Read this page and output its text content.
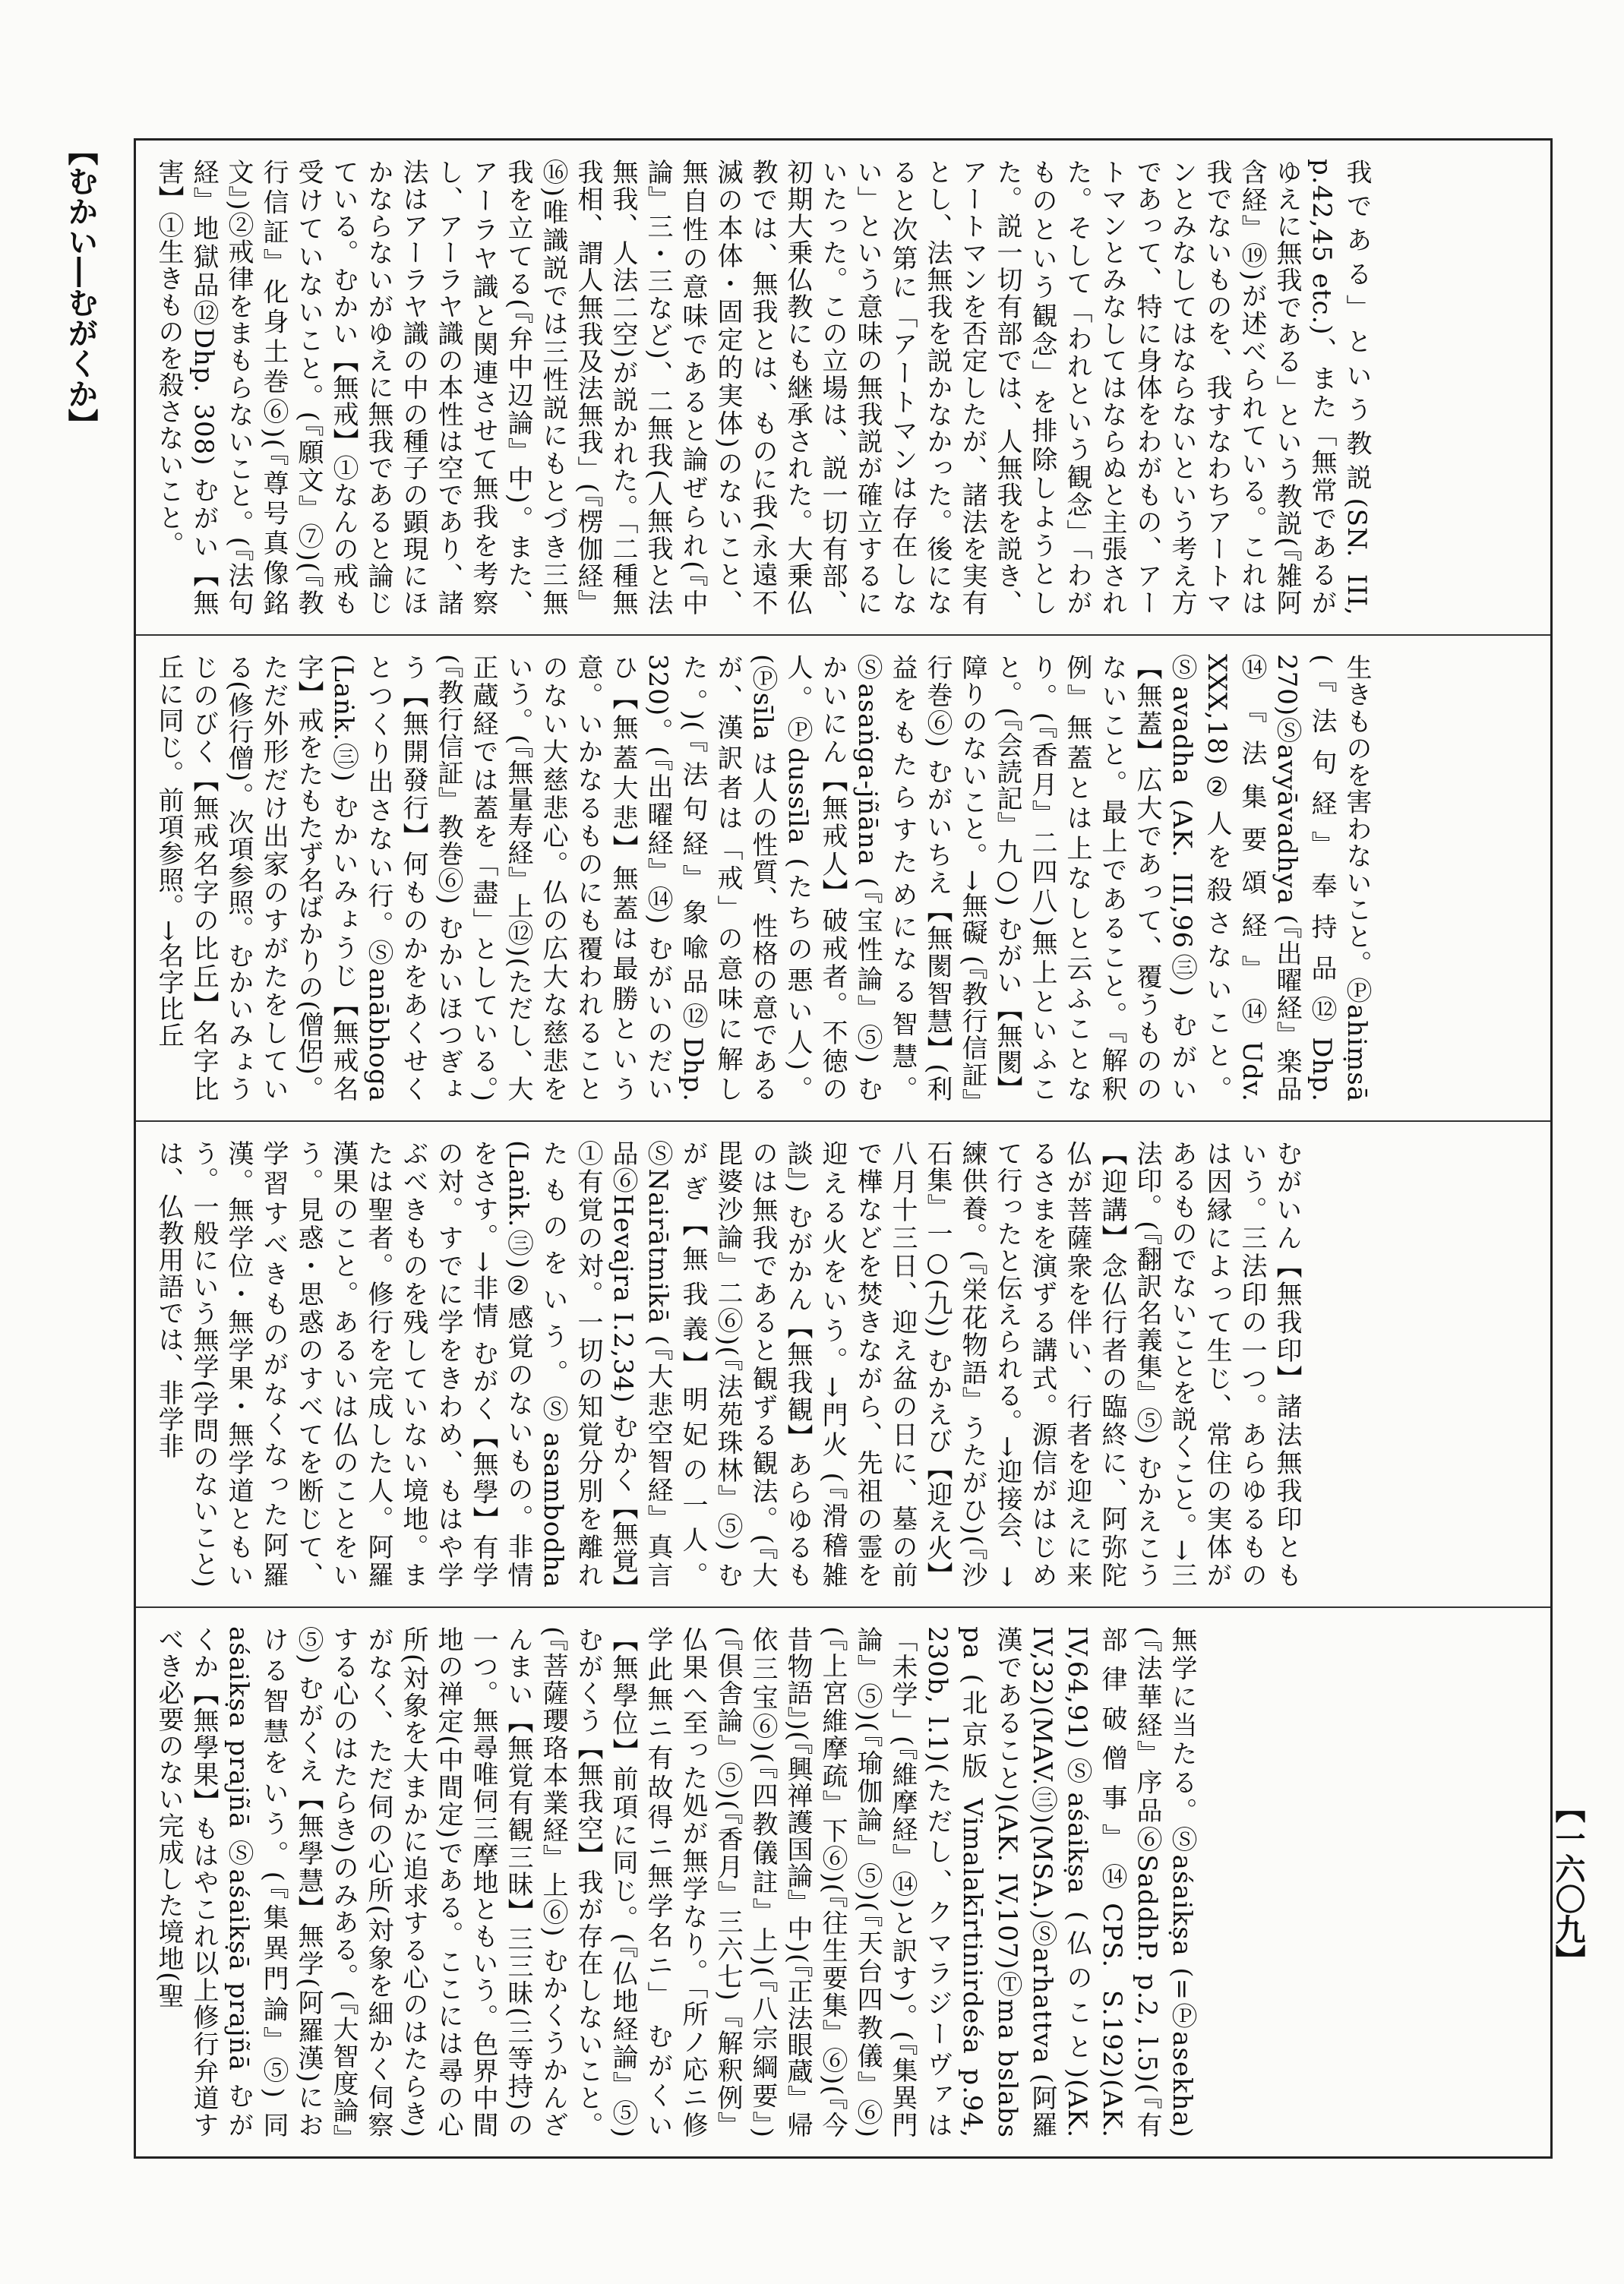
【むかい―むがくか】
【一六〇九】

我である」という教説(SN. III, p.42,45 etc.)、また「無常であるがゆえに無我である」という教説(『雑阿含経』⑲)が述べられている。これは我でないものを、我すなわちアートマンとみなしてはならないという考え方であって、特に身体をわがもの、アートマンとみなしてはならぬと主張された。そして「われという観念」「わがものという観念」を排除しようとした。説一切有部では、人無我を説き、アートマンを否定したが、諸法を実有とし、法無我を説かなかった。後になると次第に「アートマンは存在しない」という意味の無我説が確立するにいたった。この立場は、説一切有部、初期大乗仏教にも継承された。大乗仏教では、無我とは、ものに我(永遠不滅の本体・固定的実体)のないこと、無自性の意味であると論ぜられ(『中論』三・三など)、二無我(人無我と法無我、人法二空)が説かれた。「二種無我相、謂人無我及法無我」(『楞伽経』⑯)唯識説では三性説にもとづき三無我を立てる(『弁中辺論』中)。また、アーラヤ識と関連させて無我を考察し、アーラヤ識の本性は空であり、諸法はアーラヤ識の中の種子の顕現にほかならないがゆえに無我であると論じている。むかい【無戒】①なんの戒も受けていないこと。(『願文』⑦)(『教行信証』化身土巻⑥)(『尊号真像銘文』)②戒律をまもらないこと。(『法句経』地獄品⑫Dhp. 308) むがい【無害】①生きものを殺さないこと。

生きものを害わないこと。Ⓟahiṃsā (『法句経』奉持品⑫Dhp. 270)Ⓢavyāvadhya (『出曜経』楽品⑭『法集要頌経』⑭Udv. XXX,18)②人を殺さないこと。Ⓢavadha (AK. III,96㊂) むがい【無蓋】広大であって、覆うもののないこと。最上であること。『解釈例』無蓋とは上なしと云ふことなり。(『香月』二四八)無上といふこと。(『会読記』九○) むがい【無閡】障りのないこと。→無礙 (『教行信証』行巻⑥) むがいちえ【無閡智慧】(利益をもたらすためになる智慧。Ⓢasaṅga-jñāna (『宝性論』⑤) むかいにん【無戒人】破戒者。不徳の人。Ⓟdussīla (たちの悪い人)。(Ⓟsīla は人の性質、性格の意であるが、漢訳者は「戒」の意味に解した。)(『法句経』象喩品⑫Dhp. 320)。(『出曜経』⑭) むがいのだいひ【無蓋大悲】無蓋は最勝という意。いかなるものにも覆われることのない大慈悲心。仏の広大な慈悲をいう。(『無量寿経』上⑫)(ただし、大正蔵経では蓋を「盡」としている。)(『教行信証』教巻⑥) むかいほつぎょう【無開發行】何ものかをあくせくとつくり出さない行。Ⓢanābhoga (Laṅk.㊂) むかいみょうじ【無戒名字】戒をたもたず名ばかりの(僧侶)。ただ外形だけ出家のすがたをしている(修行僧)。次項参照。むかいみょうじのびく【無戒名字の比丘】名字比丘に同じ。前項参照。→名字比丘

むがいん【無我印】諸法無我印ともいう。三法印の一つ。あらゆるものは因縁によって生じ、常住の実体があるものでないことを説くこと。→三法印。(『翻訳名義集』⑤) むかえこう【迎講】念仏行者の臨終に、阿弥陀仏が菩薩衆を伴い、行者を迎えに来るさまを演ずる講式。源信がはじめて行ったと伝えられる。→迎接会、→練供養。(『栄花物語』うたがひ)(『沙石集』一○(九)) むかえび【迎え火】八月十三日、迎え盆の日に、墓の前で樺などを焚きながら、先祖の霊を迎える火をいう。→門火 (『滑稽雑談』) むがかん【無我観】あらゆるものは無我であると観ずる観法。(『大毘婆沙論』二⑥)(『法苑珠林』⑤) むがぎ【無我義】明妃の一人。ⓈNairātmikā (『大悲空智経』真言品⑥Hevajra I.2,34) むかく【無覚】①有覚の対。一切の知覚分別を離れたものをいう。Ⓢasambodha (Laṅk.㊂)②感覚のないもの。非情をさす。→非情 むがく【無學】有学の対。すでに学をきわめ、もはや学ぶべきものを残していない境地。または聖者。修行を完成した人。阿羅漢果のこと。あるいは仏のことをいう。見惑・思惑のすべてを断じて、学習すべきものがなくなった阿羅漢。無学位・無学果・無学道ともいう。一般にいう無学(学問のないこと)は、仏教用語では、非学非

無学に当たる。Ⓢaśaikṣa (=Ⓟasekha)(『法華経』序品⑥SaddhP. p.2, l.5)(『有部律破僧事』⑭CPS. S.192)(AK. IV,64,91)Ⓢaśaikṣa (仏のこと)(AK. IV,32)(MAV.㊂)(MSA.)Ⓢarhattva (阿羅漢であること)(AK. IV,107)Ⓣma bslabs pa (北京版 Vimalakīrtinirdeśa p.94, 230b, l.1)(ただし、クマラジーヴァは「未学」(『維摩経』⑭)と訳す)。(『集異門論』⑤)(『瑜伽論』⑤)(『天台四教儀』⑥)(『上宮維摩疏』下⑥)(『往生要集』⑥)(『今昔物語』)(『興禅護国論』中)(『正法眼蔵』帰依三宝⑥)(『四教儀註』上)(『八宗綱要』)(『倶舎論』⑤)(『香月』三六七)『解釈例』仏果へ至った処が無学なり。「所ノ応ニ修学此無ニ有故得ニ無学名ニ」 むがくい【無學位】前項に同じ。(『仏地経論』⑤) むがくう【無我空】我が存在しないこと。(『菩薩瓔珞本業経』上⑥) むかくうかんざんまい【無覚有観三昧】三三昧(三等持)の一つ。無尋唯伺三摩地ともいう。色界中間地の禅定(中間定)である。ここには尋の心所(対象を大まかに追求する心のはたらき)がなく、ただ伺の心所(対象を細かく伺察する心のはたらき)のみある。(『大智度論』⑤) むがくえ【無學慧】無学(阿羅漢)における智慧をいう。(『集異門論』⑤) 同aśaikṣa prajñā Ⓢaśaikṣā prajñā むがくか【無學果】もはやこれ以上修行弁道すべき必要のない完成した境地(聖
